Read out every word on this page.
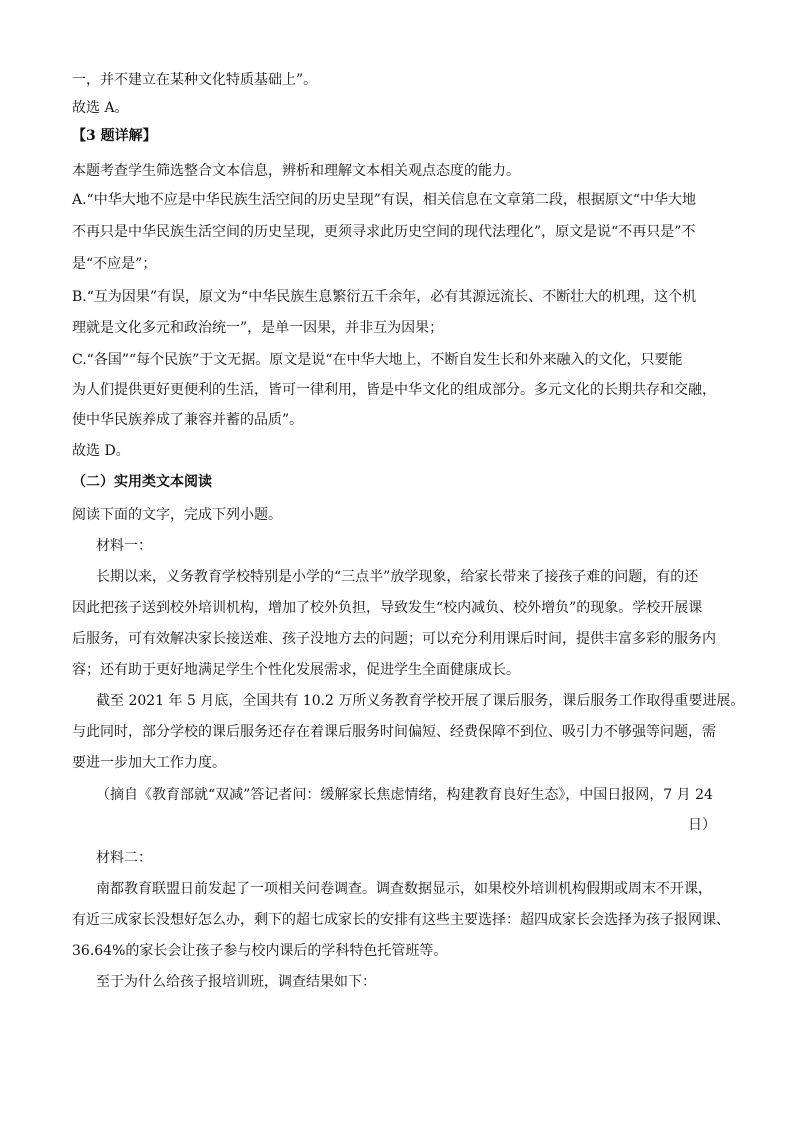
一，并不建立在某种文化特质基础上”。
故选 A。
【3 题详解】
本题考查学生筛选整合文本信息，辨析和理解文本相关观点态度的能力。
A.“中华大地不应是中华民族生活空间的历史呈现”有误，相关信息在文章第二段，根据原文“中华大地
不再只是中华民族生活空间的历史呈现，更须寻求此历史空间的现代法理化”，原文是说“不再只是”不
是“不应是”；
B.“互为因果”有误，原文为“中华民族生息繁衍五千余年，必有其源远流长、不断壮大的机理，这个机
理就是文化多元和政治统一”，是单一因果，并非互为因果；
C.“各国”“每个民族”于文无据。原文是说“在中华大地上，不断自发生长和外来融入的文化，只要能
为人们提供更好更便利的生活，皆可一律利用，皆是中华文化的组成部分。多元文化的长期共存和交融，
使中华民族养成了兼容并蓄的品质”。
故选 D。
（二）实用类文本阅读
阅读下面的文字，完成下列小题。
材料一：
长期以来，义务教育学校特别是小学的“三点半”放学现象，给家长带来了接孩子难的问题，有的还
因此把孩子送到校外培训机构，增加了校外负担，导致发生“校内减负、校外增负”的现象。学校开展课
后服务，可有效解决家长接送难、孩子没地方去的问题；可以充分利用课后时间，提供丰富多彩的服务内
容；还有助于更好地满足学生个性化发展需求，促进学生全面健康成长。
截至 2021 年 5 月底，全国共有 10.2 万所义务教育学校开展了课后服务，课后服务工作取得重要进展。
与此同时，部分学校的课后服务还存在着课后服务时间偏短、经费保障不到位、吸引力不够强等问题，需
要进一步加大工作力度。
（摘自《教育部就“双减”答记者问：缓解家长焦虑情绪，构建教育良好生态》，中国日报网，7 月 24
日）
材料二：
南都教育联盟日前发起了一项相关问卷调查。调查数据显示，如果校外培训机构假期或周末不开课，
有近三成家长没想好怎么办，剩下的超七成家长的安排有这些主要选择：超四成家长会选择为孩子报网课、
36.64%的家长会让孩子参与校内课后的学科特色托管班等。
至于为什么给孩子报培训班，调查结果如下：
